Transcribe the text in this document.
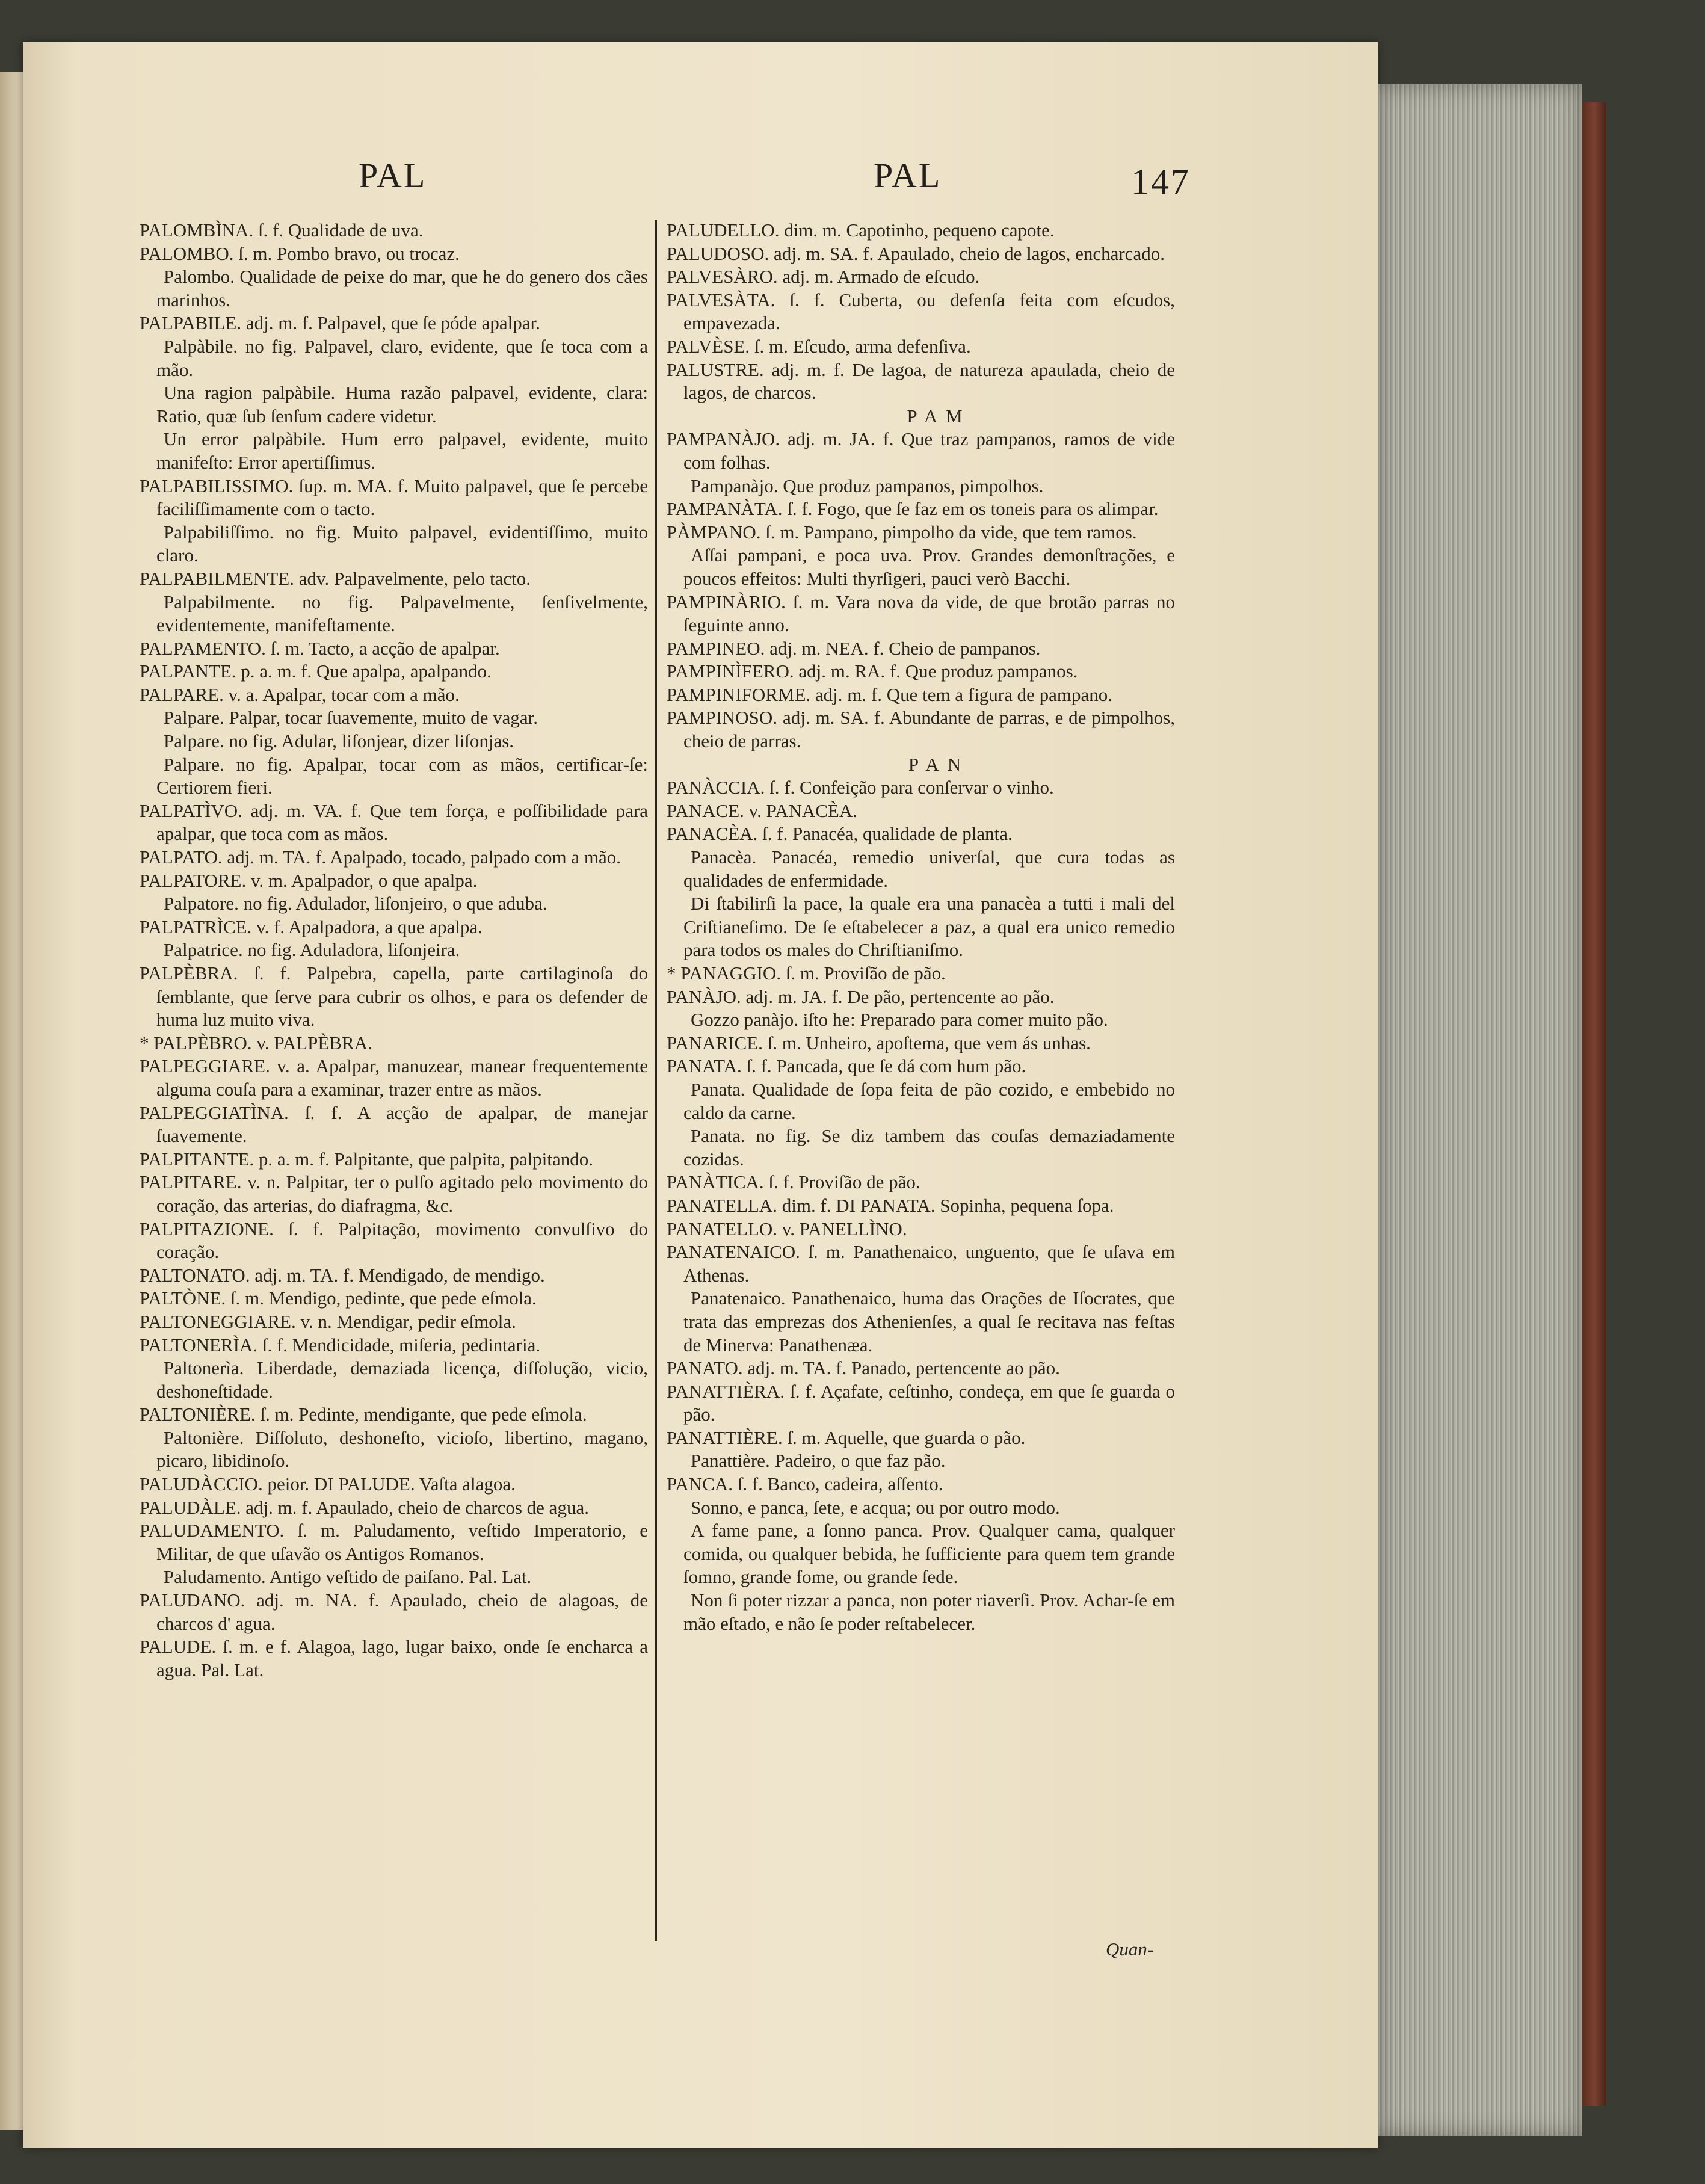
PAL	PAL	147

PALOMBÌNA. ſ. f. Qualidade de uva.

PALOMBO. ſ. m. Pombo bravo, ou trocaz.

Palombo. Qualidade de peixe do mar, que he do genero dos cães marinhos.

PALPABILE. adj. m. f. Palpavel, que ſe póde apalpar.

Palpàbile. no fig. Palpavel, claro, evidente, que ſe toca com a mão.

Una ragion palpàbile. Huma razão palpavel, evidente, clara: Ratio, quæ ſub ſenſum cadere videtur.

Un error palpàbile. Hum erro palpavel, evidente, muito manifeſto: Error apertiſſimus.

PALPABILISSIMO. ſup. m. MA. f. Muito palpavel, que ſe percebe faciliſſimamente com o tacto.

Palpabiliſſimo. no fig. Muito palpavel, evidentiſſimo, muito claro.

PALPABILMENTE. adv. Palpavelmente, pelo tacto.

Palpabilmente. no fig. Palpavelmente, ſenſivelmente, evidentemente, manifeſtamente.

PALPAMENTO. ſ. m. Tacto, a acção de apalpar.

PALPANTE. p. a. m. f. Que apalpa, apalpando.

PALPARE. v. a. Apalpar, tocar com a mão.

Palpare. Palpar, tocar ſuavemente, muito de vagar.

Palpare. no fig. Adular, liſonjear, dizer liſonjas.

Palpare. no fig. Apalpar, tocar com as mãos, certificar-ſe: Certiorem fieri.

PALPATÌVO. adj. m. VA. f. Que tem força, e poſſibilidade para apalpar, que toca com as mãos.

PALPATO. adj. m. TA. f. Apalpado, tocado, palpado com a mão.

PALPATORE. v. m. Apalpador, o que apalpa.

Palpatore. no fig. Adulador, liſonjeiro, o que aduba.

PALPATRÌCE. v. f. Apalpadora, a que apalpa.

Palpatrice. no fig. Aduladora, liſonjeira.

PALPÈBRA. ſ. f. Palpebra, capella, parte cartilaginoſa do ſemblante, que ſerve para cubrir os olhos, e para os defender de huma luz muito viva.

* PALPÈBRO. v. PALPÈBRA.

PALPEGGIARE. v. a. Apalpar, manuzear, manear frequentemente alguma couſa para a examinar, trazer entre as mãos.

PALPEGGIATÌNA. ſ. f. A acção de apalpar, de manejar ſuavemente.

PALPITANTE. p. a. m. f. Palpitante, que palpita, palpitando.

PALPITARE. v. n. Palpitar, ter o pulſo agitado pelo movimento do coração, das arterias, do diafragma, &c.

PALPITAZIONE. ſ. f. Palpitação, movimento convulſivo do coração.

PALTONATO. adj. m. TA. f. Mendigado, de mendigo.

PALTÒNE. ſ. m. Mendigo, pedinte, que pede eſmola.

PALTONEGGIARE. v. n. Mendigar, pedir eſmola.

PALTONERÌA. ſ. f. Mendicidade, miſeria, pedintaria.

Paltonerìa. Liberdade, demaziada licença, diſſolução, vicio, deshoneſtidade.

PALTONIÈRE. ſ. m. Pedinte, mendigante, que pede eſmola.

Paltonière. Diſſoluto, deshoneſto, vicioſo, libertino, magano, picaro, libidinoſo.

PALUDÀCCIO. peior. DI PALUDE. Vaſta alagoa.

PALUDÀLE. adj. m. f. Apaulado, cheio de charcos de agua.

PALUDAMENTO. ſ. m. Paludamento, veſtido Imperatorio, e Militar, de que uſavão os Antigos Romanos.

Paludamento. Antigo veſtido de paiſano. Pal. Lat.

PALUDANO. adj. m. NA. f. Apaulado, cheio de alagoas, de charcos d' agua.

PALUDE. ſ. m. e f. Alagoa, lago, lugar baixo, onde ſe encharca a agua. Pal. Lat.

PALUDELLO. dim. m. Capotinho, pequeno capote.

PALUDOSO. adj. m. SA. f. Apaulado, cheio de lagos, encharcado.

PALVESÀRO. adj. m. Armado de eſcudo.

PALVESÀTA. ſ. f. Cuberta, ou defenſa feita com eſcudos, empavezada.

PALVÈSE. ſ. m. Eſcudo, arma defenſiva.

PALUSTRE. adj. m. f. De lagoa, de natureza apaulada, cheio de lagos, de charcos.

PAM

PAMPANÀJO. adj. m. JA. f. Que traz pampanos, ramos de vide com folhas.

Pampanàjo. Que produz pampanos, pimpolhos.

PAMPANÀTA. ſ. f. Fogo, que ſe faz em os toneis para os alimpar.

PÀMPANO. ſ. m. Pampano, pimpolho da vide, que tem ramos.

Aſſai pampani, e poca uva. Prov. Grandes demonſtrações, e poucos effeitos: Multi thyrſigeri, pauci verò Bacchi.

PAMPINÀRIO. ſ. m. Vara nova da vide, de que brotão parras no ſeguinte anno.

PAMPINEO. adj. m. NEA. f. Cheio de pampanos.

PAMPINÌFERO. adj. m. RA. f. Que produz pampanos.

PAMPINIFORME. adj. m. f. Que tem a figura de pampano.

PAMPINOSO. adj. m. SA. f. Abundante de parras, e de pimpolhos, cheio de parras.

PAN

PANÀCCIA. ſ. f. Confeição para conſervar o vinho.

PANACE. v. PANACÈA.

PANACÈA. ſ. f. Panacéa, qualidade de planta.

Panacèa. Panacéa, remedio univerſal, que cura todas as qualidades de enfermidade.

Di ſtabilirſi la pace, la quale era una panacèa a tutti i mali del Criſtianeſimo. De ſe eſtabelecer a paz, a qual era unico remedio para todos os males do Chriſtianiſmo.

* PANAGGIO. ſ. m. Proviſão de pão.

PANÀJO. adj. m. JA. f. De pão, pertencente ao pão.

Gozzo panàjo. iſto he: Preparado para comer muito pão.

PANARICE. ſ. m. Unheiro, apoſtema, que vem ás unhas.

PANATA. ſ. f. Pancada, que ſe dá com hum pão.

Panata. Qualidade de ſopa feita de pão cozido, e embebido no caldo da carne.

Panata. no fig. Se diz tambem das couſas demaziadamente cozidas.

PANÀTICA. ſ. f. Proviſão de pão.

PANATELLA. dim. f. DI PANATA. Sopinha, pequena ſopa.

PANATELLO. v. PANELLÌNO.

PANATENAICO. ſ. m. Panathenaico, unguento, que ſe uſava em Athenas.

Panatenaico. Panathenaico, huma das Orações de Iſocrates, que trata das emprezas dos Athenienſes, a qual ſe recitava nas feſtas de Minerva: Panathenæa.

PANATO. adj. m. TA. f. Panado, pertencente ao pão.

PANATTIÈRA. ſ. f. Açafate, ceſtinho, condeça, em que ſe guarda o pão.

PANATTIÈRE. ſ. m. Aquelle, que guarda o pão.

Panattière. Padeiro, o que faz pão.

PANCA. ſ. f. Banco, cadeira, aſſento.

Sonno, e panca, ſete, e acqua; ou por outro modo.

A fame pane, a ſonno panca. Prov. Qualquer cama, qualquer comida, ou qualquer bebida, he ſufficiente para quem tem grande ſomno, grande fome, ou grande ſede.

Non ſi poter rizzar a panca, non poter riaverſi. Prov. Achar-ſe em mão eſtado, e não ſe poder reſtabelecer.

Quan-
